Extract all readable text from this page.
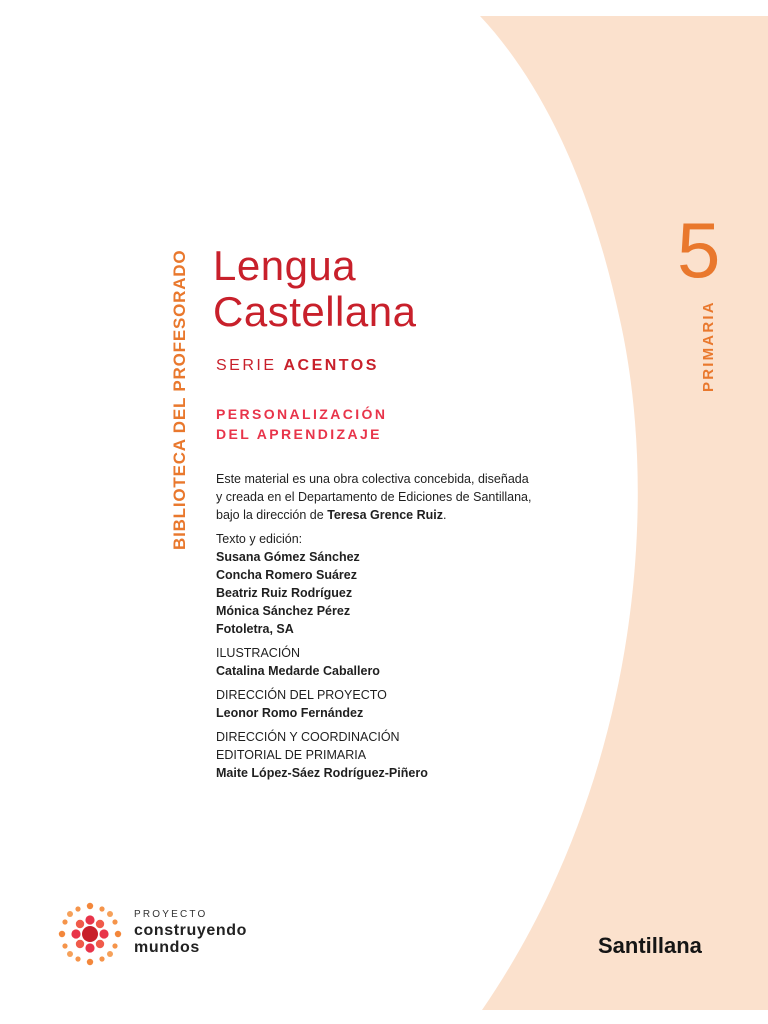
BIBLIOTECA DEL PROFESORADO Lengua
Castellana
SERIE ACENTOS
PERSONALIZACIÓN
DEL APRENDIZAJE
Este material es una obra colectiva concebida, diseñada
y creada en el Departamento de Ediciones de Santillana,
bajo la dirección de Teresa Grence Ruiz.
Texto y edición:
Susana Gómez Sánchez
Concha Romero Suárez
Beatriz Ruiz Rodríguez
Mónica Sánchez Pérez
Fotoletra, SA
ILUSTRACIÓN
Catalina Medarde Caballero
DIRECCIÓN DEL PROYECTO
Leonor Romo Fernández
DIRECCIÓN Y COORDINACIÓN
EDITORIAL DE PRIMARIA
Maite López-Sáez Rodríguez-Piñero
5
PRIMARIA
PROYECTO
construyendo
mundos	Santillana
